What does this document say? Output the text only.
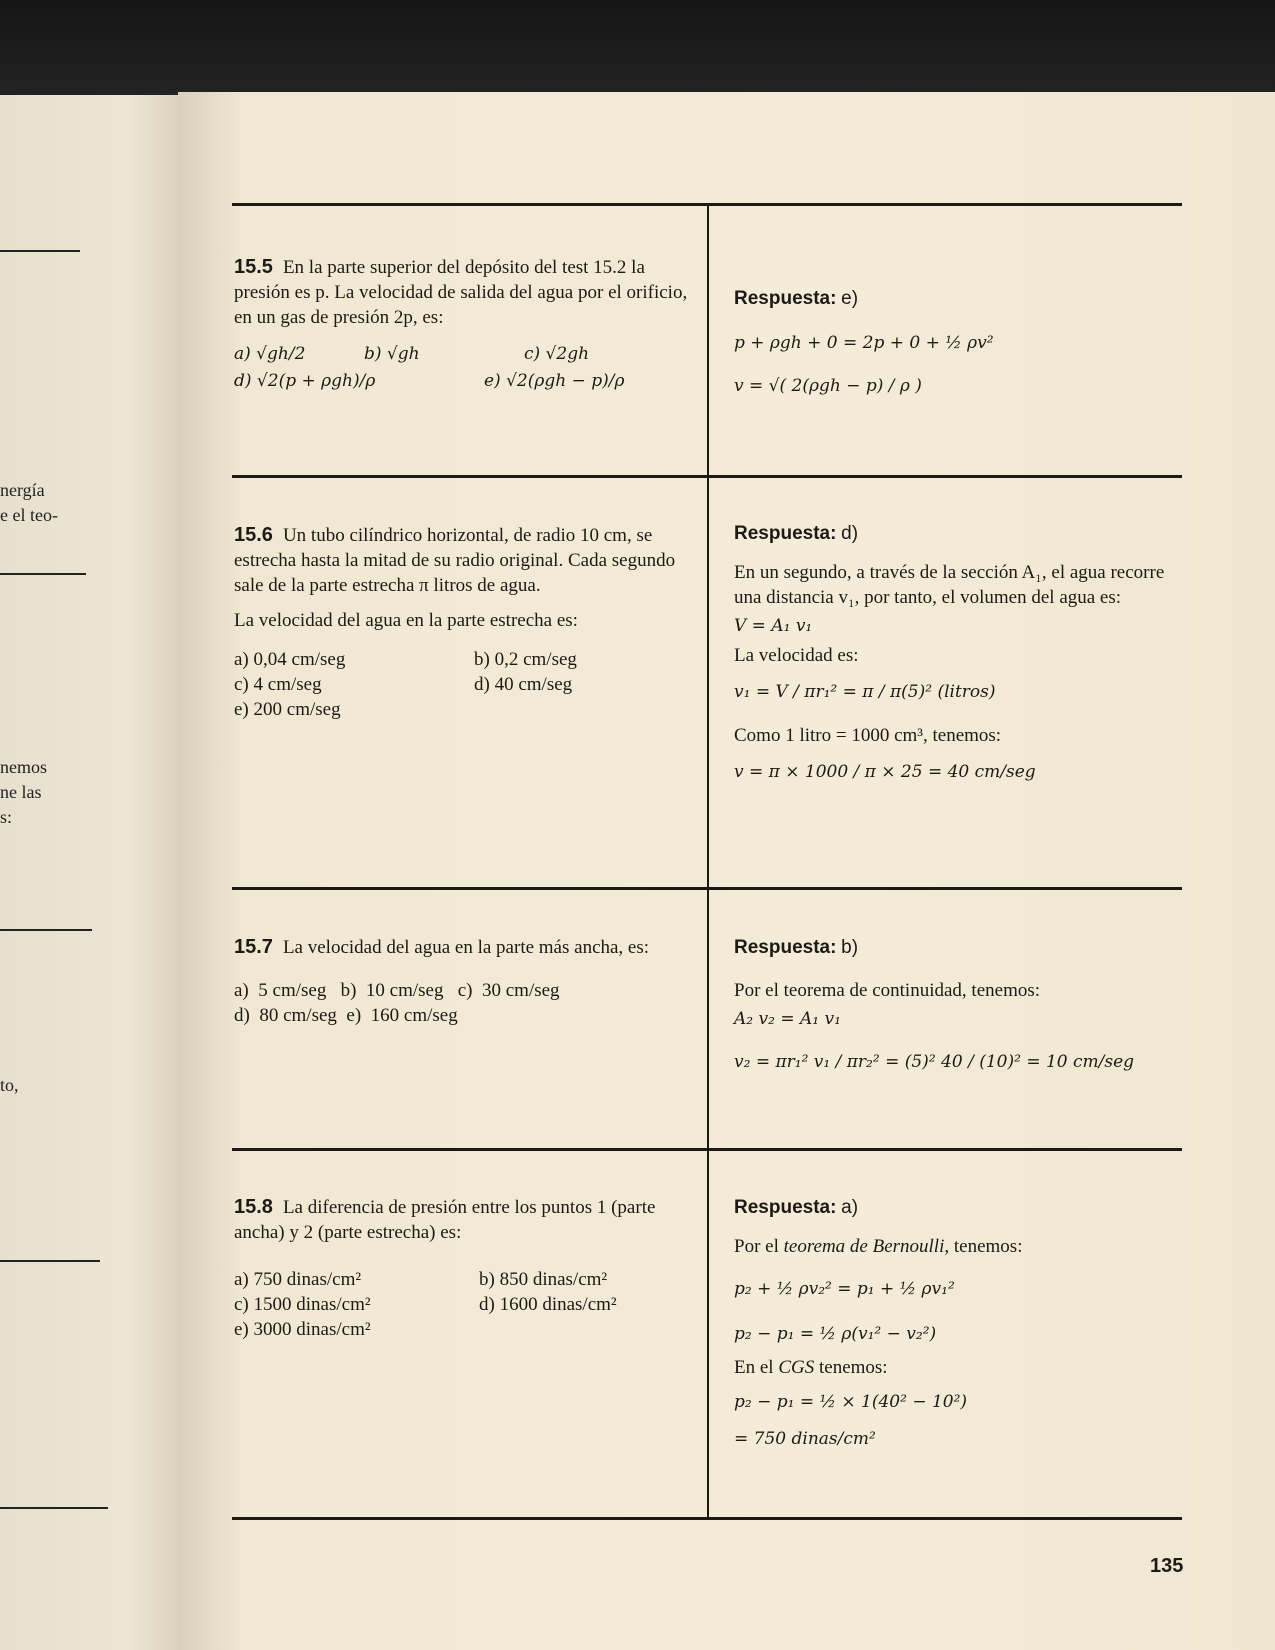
nergía
e el teo-
nemos
ne las
s:
to,

15.5 En la parte superior del depósito del test 15.2 la presión es p. La velocidad de salida del agua por el orificio, en un gas de presión 2p, es:

a) √gh/2	b) √gh	c) √2gh
d) √2(p + ρgh)/ρ	e) √2(ρgh − p)/ρ

Respuesta: e)

p + ρgh + 0 = 2p + 0 + ½ ρv²

v = √( 2(ρgh − p) / ρ )

15.6 Un tubo cilíndrico horizontal, de radio 10 cm, se estrecha hasta la mitad de su radio original. Cada segundo sale de la parte estrecha π litros de agua.

La velocidad del agua en la parte estrecha es:

a) 0,04 cm/seg	b) 0,2 cm/seg
c) 4 cm/seg	d) 40 cm/seg
e) 200 cm/seg

Respuesta: d)

En un segundo, a través de la sección A₁, el agua recorre una distancia v₁, por tanto, el volumen del agua es:

V = A₁ v₁

La velocidad es:

v₁ = V / πr₁² = π / π(5)² (litros)

Como 1 litro = 1000 cm³, tenemos:

v = π × 1000 / π × 25 = 40 cm/seg

15.7 La velocidad del agua en la parte más ancha, es:

a)  5 cm/seg   b)  10 cm/seg   c)  30 cm/seg

d)  80 cm/seg  e)  160 cm/seg

Respuesta: b)

Por el teorema de continuidad, tenemos:

A₂ v₂ = A₁ v₁

v₂ = πr₁² v₁ / πr₂² = (5)² 40 / (10)² = 10 cm/seg

15.8 La diferencia de presión entre los puntos 1 (parte ancha) y 2 (parte estrecha) es:

a) 750 dinas/cm²	b) 850 dinas/cm²
c) 1500 dinas/cm²	d) 1600 dinas/cm²
e) 3000 dinas/cm²

Respuesta: a)

Por el teorema de Bernoulli, tenemos:

p₂ + ½ ρv₂² = p₁ + ½ ρv₁²

p₂ − p₁ = ½ ρ(v₁² − v₂²)

En el CGS tenemos:

p₂ − p₁ = ½ × 1(40² − 10²)

= 750 dinas/cm²

135
